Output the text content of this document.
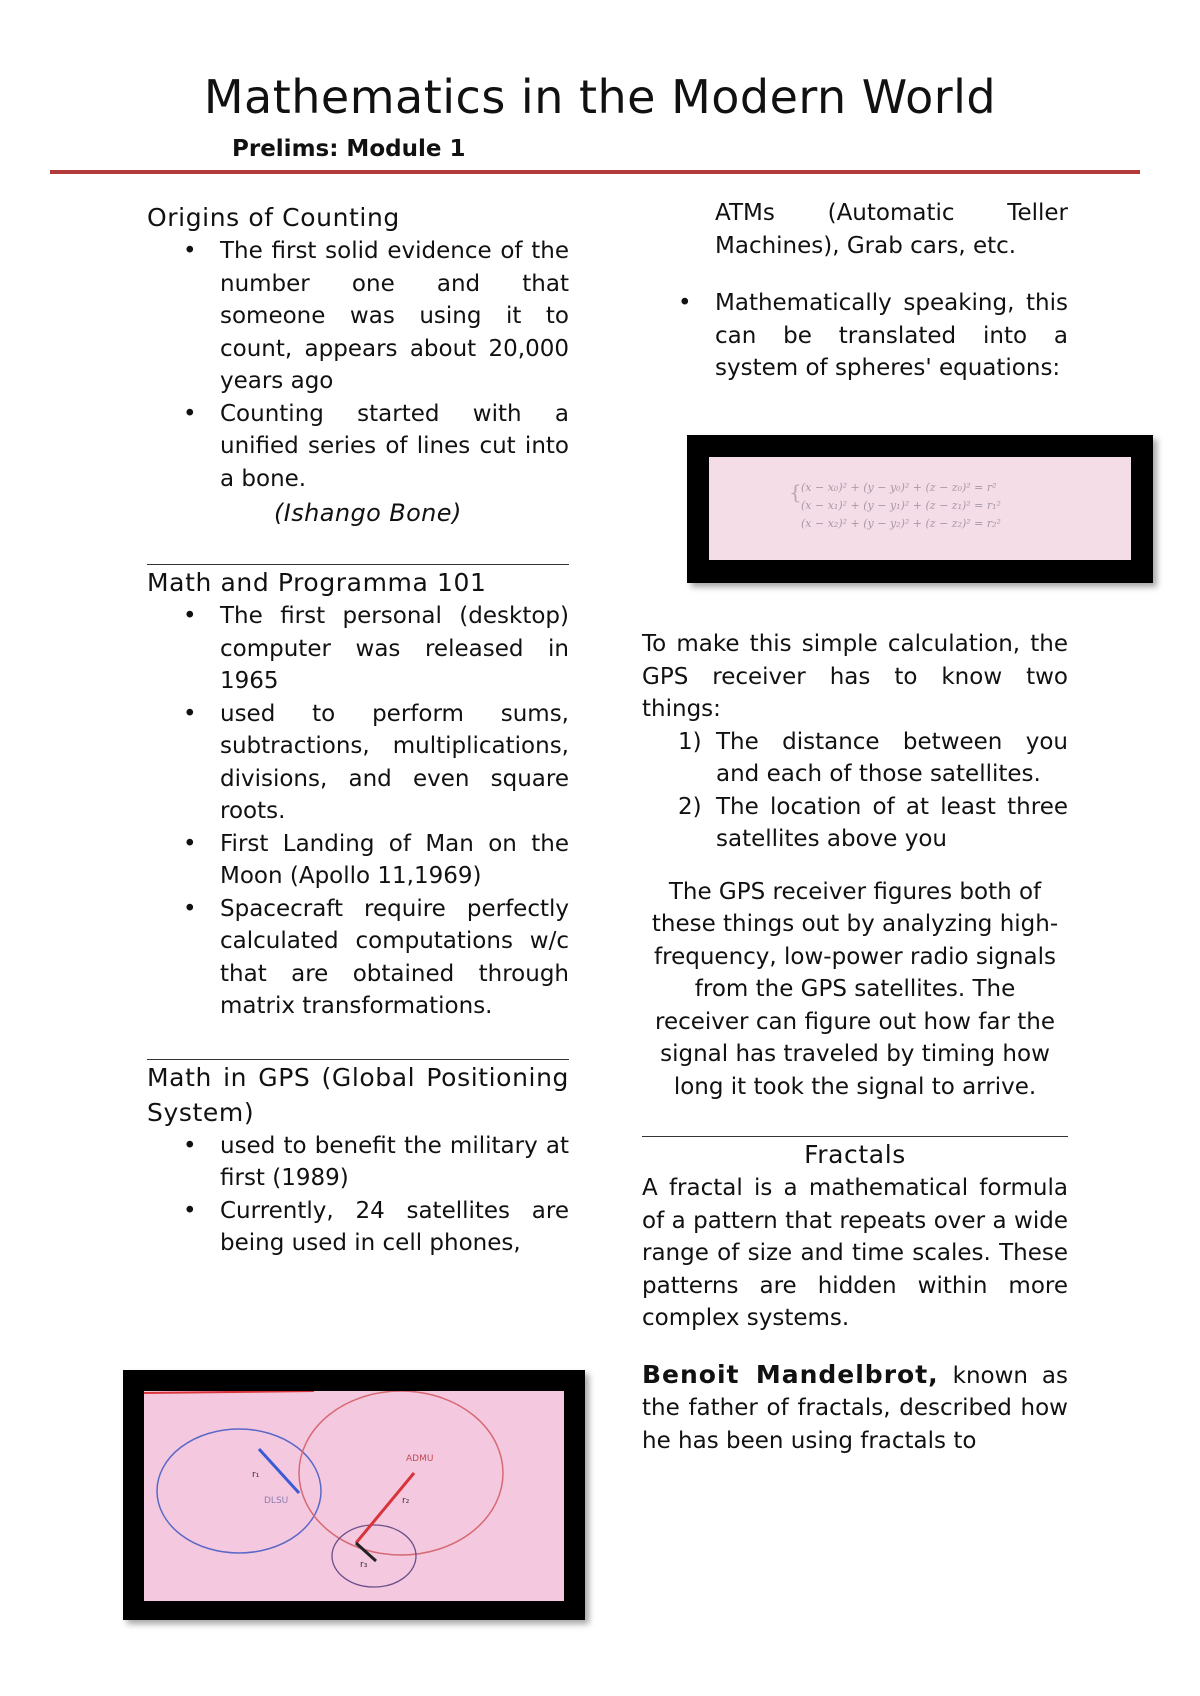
Mathematics in the Modern World
Prelims: Module 1
Origins of Counting
• The first solid evidence of the number one and that someone was using it to count, appears about 20,000 years ago
• Counting started with a unified series of lines cut into a bone.
(Ishango Bone)
Math and Programma 101
• The first personal (desktop) computer was released in 1965
• used to perform sums, subtractions, multiplications, divisions, and even square roots.
• First Landing of Man on the Moon (Apollo 11,1969)
• Spacecraft require perfectly calculated computations w/c that are obtained through matrix transformations.
Math in GPS (Global Positioning System)
• used to benefit the military at first (1989)
• Currently, 24 satellites are being used in cell phones,
ADMU
DLSU
r₁
r₂
r₃

ATMs (Automatic Teller Machines), Grab cars, etc.

• Mathematically speaking, this can be translated into a system of spheres' equations:
{ (x − x₀)² + (y − y₀)² + (z − z₀)² = r²
(x − x₁)² + (y − y₁)² + (z − z₁)² = r₁²
(x − x₂)² + (y − y₂)² + (z − z₂)² = r₂²

To make this simple calculation, the GPS receiver has to know two things:

1) The distance between you and each of those satellites.
2) The location of at least three satellites above you

The GPS receiver figures both of these things out by analyzing high-frequency, low-power radio signals from the GPS satellites. The receiver can figure out how far the signal has traveled by timing how long it took the signal to arrive.

Fractals

A fractal is a mathematical formula of a pattern that repeats over a wide range of size and time scales. These patterns are hidden within more complex systems.

Benoit Mandelbrot, known as the father of fractals, described how he has been using fractals to
